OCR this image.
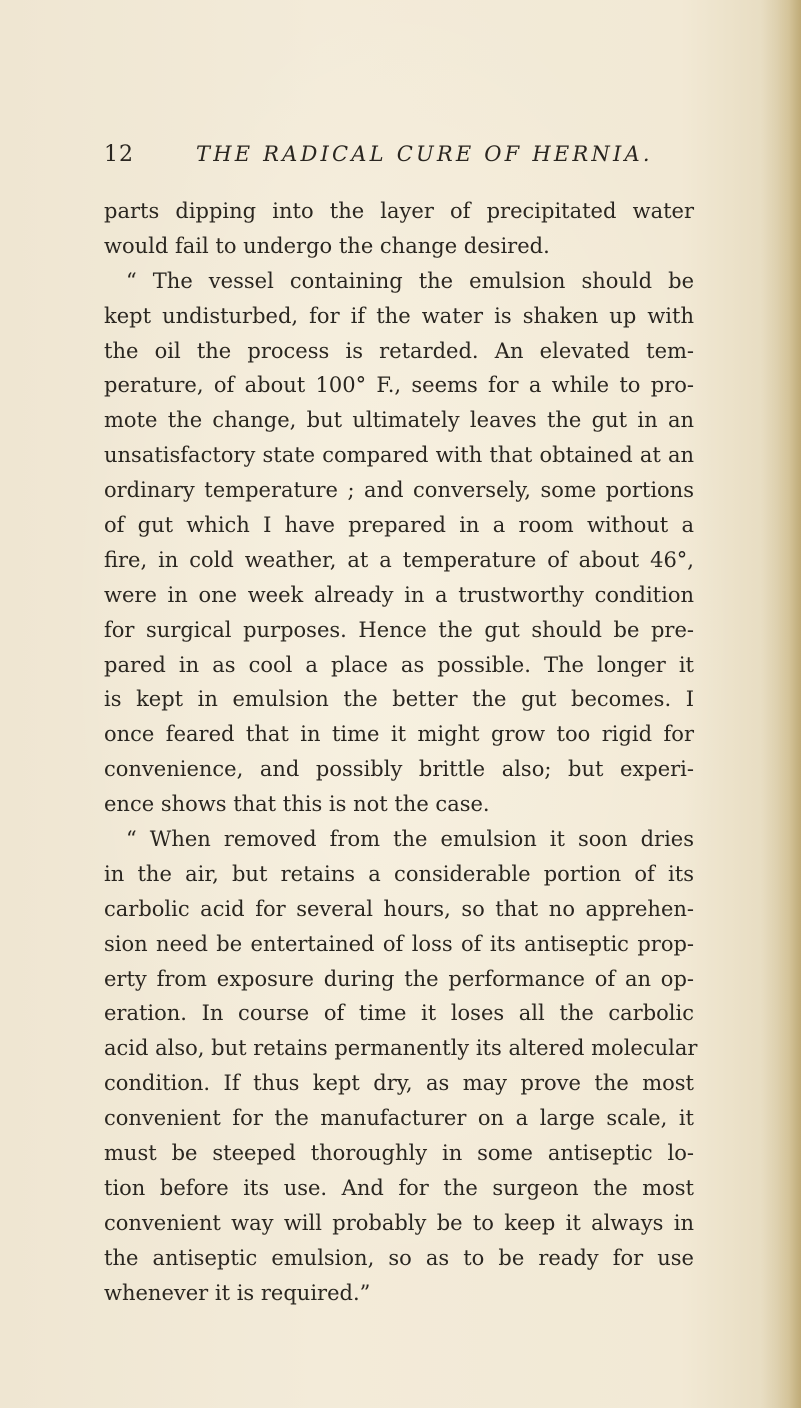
12	THE RADICAL CURE OF HERNIA.
parts dipping into the layer of precipitated water
would fail to undergo the change desired.
“ The vessel containing the emulsion should be
kept undisturbed, for if the water is shaken up with
the oil the process is retarded. An elevated tem-
perature, of about 100° F., seems for a while to pro-
mote the change, but ultimately leaves the gut in an
unsatisfactory state compared with that obtained at an
ordinary temperature ; and conversely, some portions
of gut which I have prepared in a room without a
fire, in cold weather, at a temperature of about 46°,
were in one week already in a trustworthy condition
for surgical purposes. Hence the gut should be pre-
pared in as cool a place as possible. The longer it
is kept in emulsion the better the gut becomes. I
once feared that in time it might grow too rigid for
convenience, and possibly brittle also; but experi-
ence shows that this is not the case.
“ When removed from the emulsion it soon dries
in the air, but retains a considerable portion of its
carbolic acid for several hours, so that no apprehen-
sion need be entertained of loss of its antiseptic prop-
erty from exposure during the performance of an op-
eration. In course of time it loses all the carbolic
acid also, but retains permanently its altered molecular
condition. If thus kept dry, as may prove the most
convenient for the manufacturer on a large scale, it
must be steeped thoroughly in some antiseptic lo-
tion before its use. And for the surgeon the most
convenient way will probably be to keep it always in
the antiseptic emulsion, so as to be ready for use
whenever it is required.”
